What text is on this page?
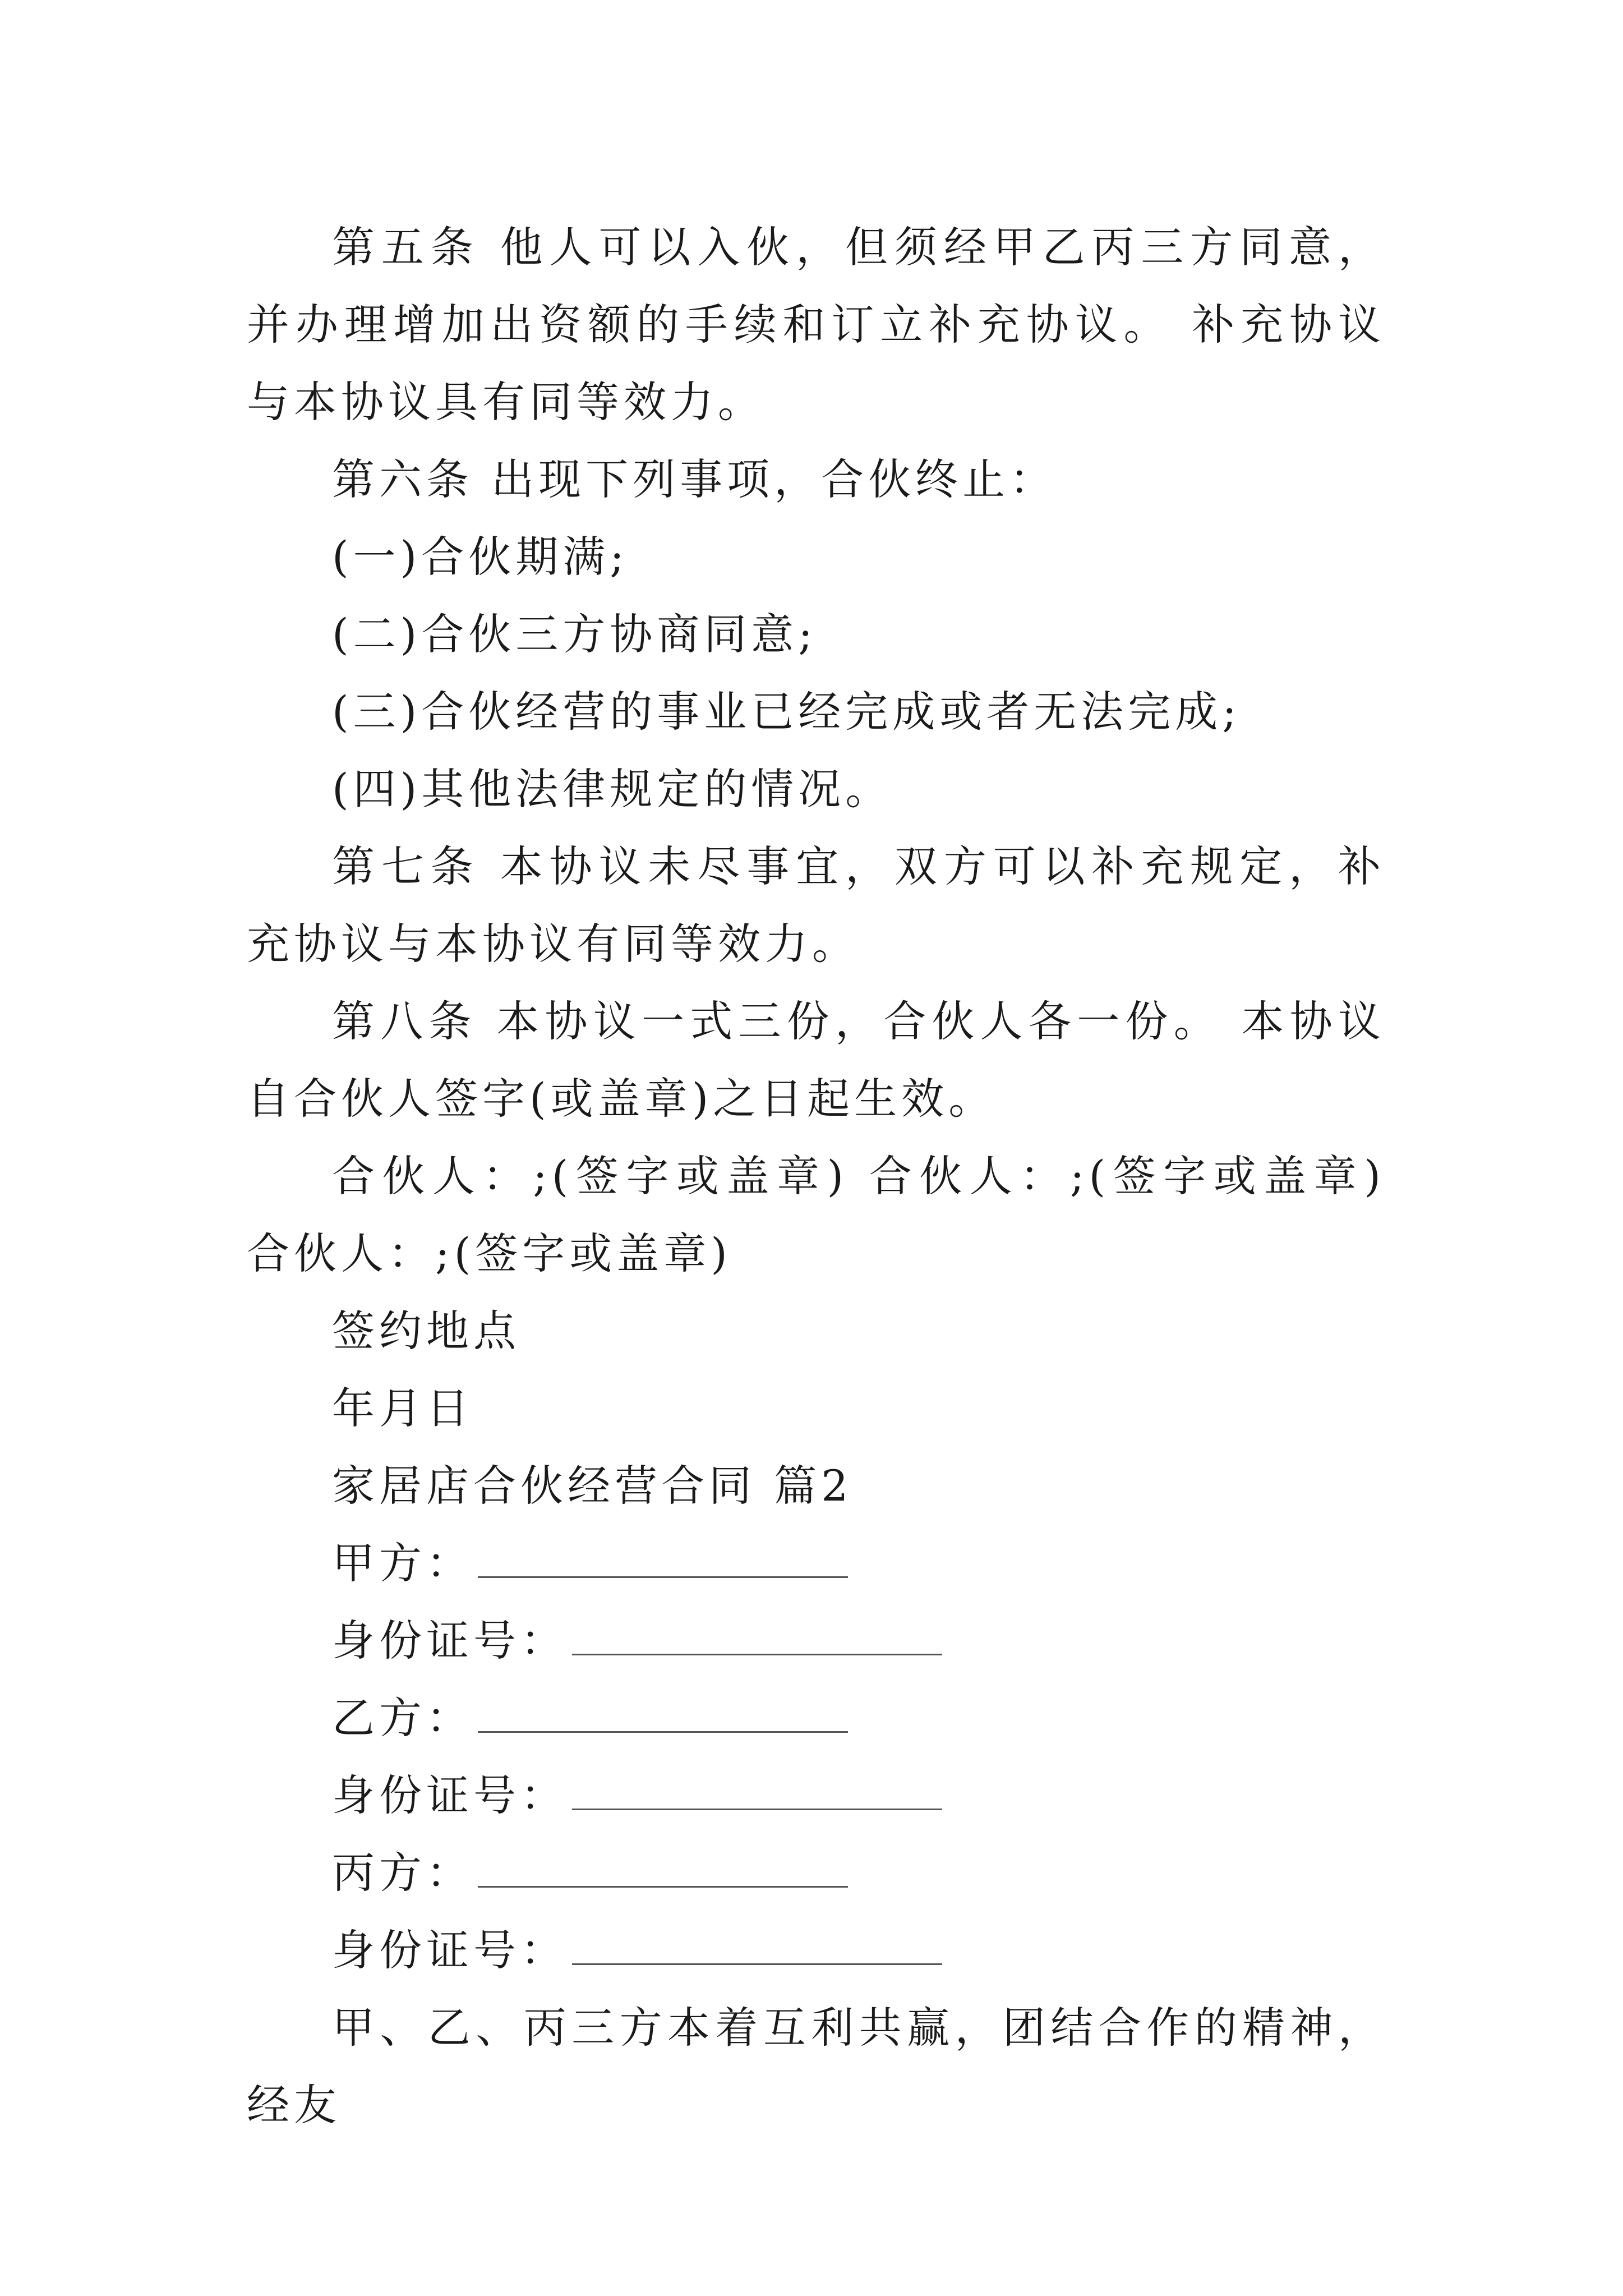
第五条 他人可以入伙，但须经甲乙丙三方同意，并办理增加出资额的手续和订立补充协议。 补充协议与本协议具有同等效力。

第六条 出现下列事项，合伙终止：

(一)合伙期满;

(二)合伙三方协商同意;

(三)合伙经营的事业已经完成或者无法完成;

(四)其他法律规定的情况。

第七条 本协议未尽事宜，双方可以补充规定，补充协议与本协议有同等效力。

第八条 本协议一式三份，合伙人各一份。 本协议自合伙人签字(或盖章)之日起生效。

合伙人：;(签字或盖章) 合伙人：;(签字或盖章) 合伙人：;(签字或盖章)

签约地点

年月日

家居店合伙经营合同 篇2

甲方：

身份证号：

乙方：

身份证号：

丙方：

身份证号：

甲、乙、丙三方本着互利共赢，团结合作的精神，经友
